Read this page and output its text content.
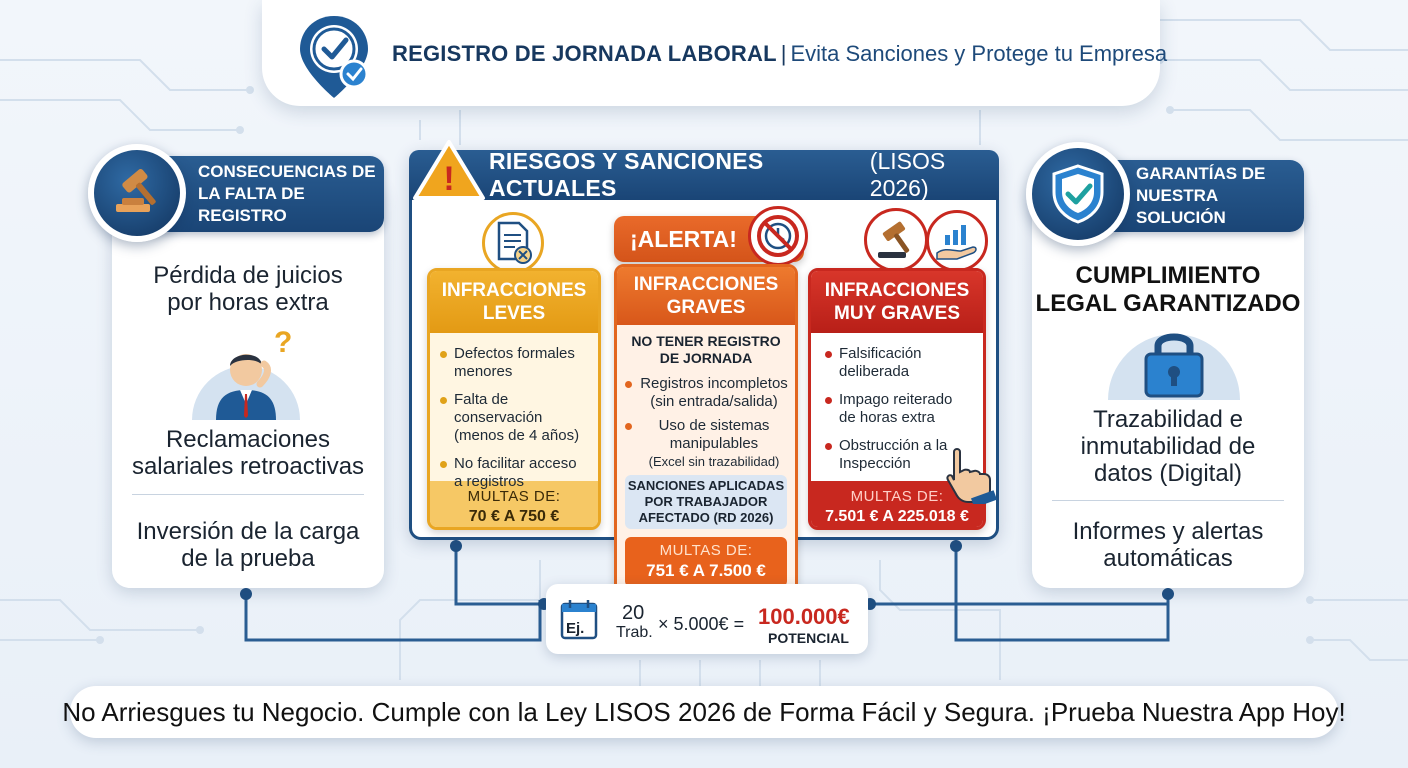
REGISTRO DE JORNADA LABORAL | Evita Sanciones y Protege tu Empresa
CONSECUENCIAS DE
LA FALTA DE REGISTRO
Pérdida de juicios
por horas extra
?
Reclamaciones
salariales retroactivas
Inversión de la carga
de la prueba
RIESGOS Y SANCIONES ACTUALES
(LISOS 2026)
!
¡ALERTA!
INFRACCIONES
LEVES
Defectos formales
menores
Falta de conservación
(menos de 4 años)
No facilitar acceso
a registros
MULTAS DE:
70 € A 750 €
INFRACCIONES
GRAVES
NO TENER REGISTRO
DE JORNADA
Registros incompletos
(sin entrada/salida)
Uso de sistemas
manipulables
(Excel sin trazabilidad)
SANCIONES APLICADAS
POR TRABAJADOR
AFECTADO (RD 2026)
MULTAS DE:
751 € A 7.500 €
INFRACCIONES
MUY GRAVES
Falsificación
deliberada
Impago reiterado
de horas extra
Obstrucción a la
Inspección
MULTAS DE:
7.501 € A 225.018 €
Ej.
20
Trab. × 5.000€ = 100.000€
POTENCIAL
GARANTÍAS DE
NUESTRA SOLUCIÓN
CUMPLIMIENTO
LEGAL GARANTIZADO
Trazabilidad e
inmutabilidad de
datos (Digital)
Informes y alertas
automáticas
No Arriesgues tu Negocio. Cumple con la Ley LISOS 2026 de Forma Fácil y Segura. ¡Prueba Nuestra App Hoy!
